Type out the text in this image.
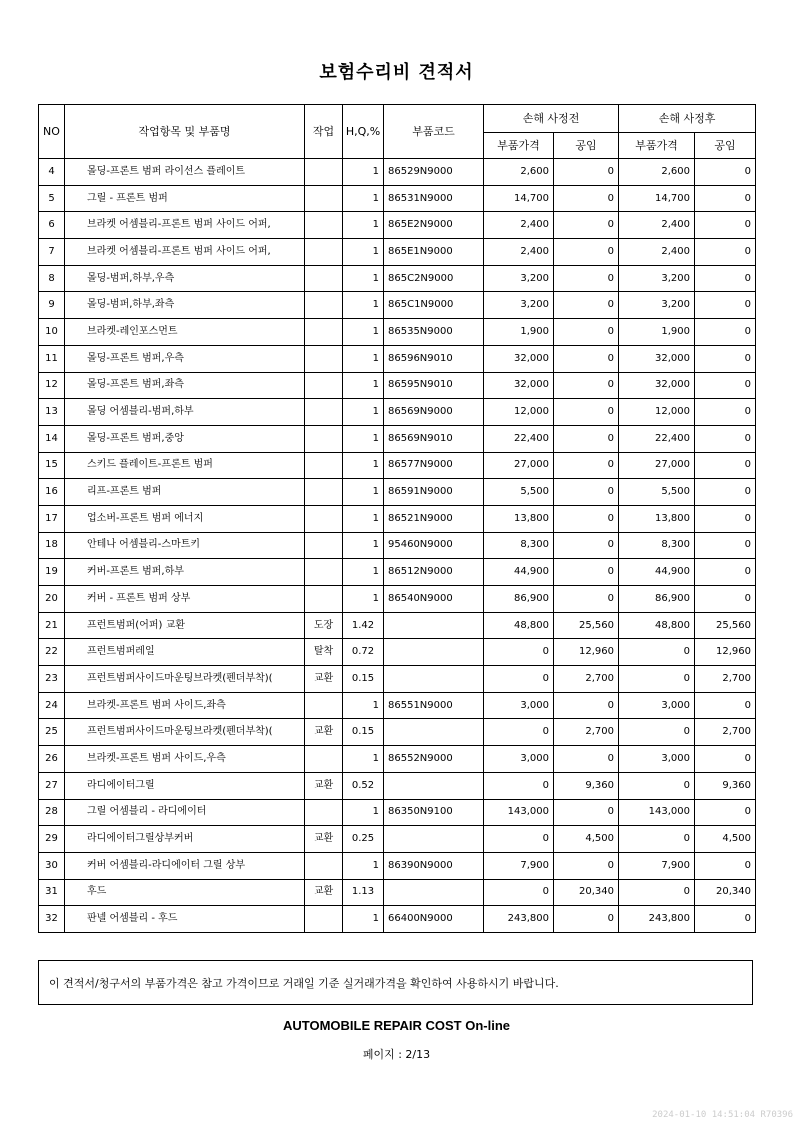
보험수리비 견적서
NO	작업항목 및 부품명	작업	H,Q,%	부품코드	손해 사정전		손해 사정후	
					부품가격	공임	부품가격	공임
4	몰딩-프론트 범퍼 라이선스 플레이트		1	86529N9000	2,600	0	2,600	0
5	그릴 - 프론트 범퍼		1	86531N9000	14,700	0	14,700	0
6	브라켓 어셈블리-프론트 범퍼 사이드 어퍼,		1	865E2N9000	2,400	0	2,400	0
7	브라켓 어셈블리-프론트 범퍼 사이드 어퍼,		1	865E1N9000	2,400	0	2,400	0
8	몰딩-범퍼,하부,우측		1	865C2N9000	3,200	0	3,200	0
9	몰딩-범퍼,하부,좌측		1	865C1N9000	3,200	0	3,200	0
10	브라켓-레인포스먼트		1	86535N9000	1,900	0	1,900	0
11	몰딩-프론트 범퍼,우측		1	86596N9010	32,000	0	32,000	0
12	몰딩-프론트 범퍼,좌측		1	86595N9010	32,000	0	32,000	0
13	몰딩 어셈블리-범퍼,하부		1	86569N9000	12,000	0	12,000	0
14	몰딩-프론트 범퍼,중앙		1	86569N9010	22,400	0	22,400	0
15	스키드 플레이트-프론트 범퍼		1	86577N9000	27,000	0	27,000	0
16	리프-프론트 범퍼		1	86591N9000	5,500	0	5,500	0
17	업소버-프론트 범퍼 에너지		1	86521N9000	13,800	0	13,800	0
18	안테나 어셈블리-스마트키		1	95460N9000	8,300	0	8,300	0
19	커버-프론트 범퍼,하부		1	86512N9000	44,900	0	44,900	0
20	커버 - 프론트 범퍼 상부		1	86540N9000	86,900	0	86,900	0
21	프런트범퍼(어퍼) 교환	도장	1.42		48,800	25,560	48,800	25,560
22	프런트범퍼레일	탈착	0.72		0	12,960	0	12,960
23	프런트범퍼사이드마운팅브라켓(펜더부착)(	교환	0.15		0	2,700	0	2,700
24	브라켓-프론트 범퍼 사이드,좌측		1	86551N9000	3,000	0	3,000	0
25	프런트범퍼사이드마운팅브라켓(펜더부착)(	교환	0.15		0	2,700	0	2,700
26	브라켓-프론트 범퍼 사이드,우측		1	86552N9000	3,000	0	3,000	0
27	라디에이터그릴	교환	0.52		0	9,360	0	9,360
28	그릴 어셈블리 - 라디에이터		1	86350N9100	143,000	0	143,000	0
29	라디에이터그릴상부커버	교환	0.25		0	4,500	0	4,500
30	커버 어셈블리-라디에이터 그릴 상부		1	86390N9000	7,900	0	7,900	0
31	후드	교환	1.13		0	20,340	0	20,340
32	판넬 어셈블리 - 후드		1	66400N9000	243,800	0	243,800	0
이 견적서/청구서의 부품가격은 참고 가격이므로 거래일 기준 실거래가격을 확인하여 사용하시기 바랍니다.
AUTOMOBILE REPAIR COST On-line
페이지 : 2/13
2024-01-10 14:51:04 R70396
